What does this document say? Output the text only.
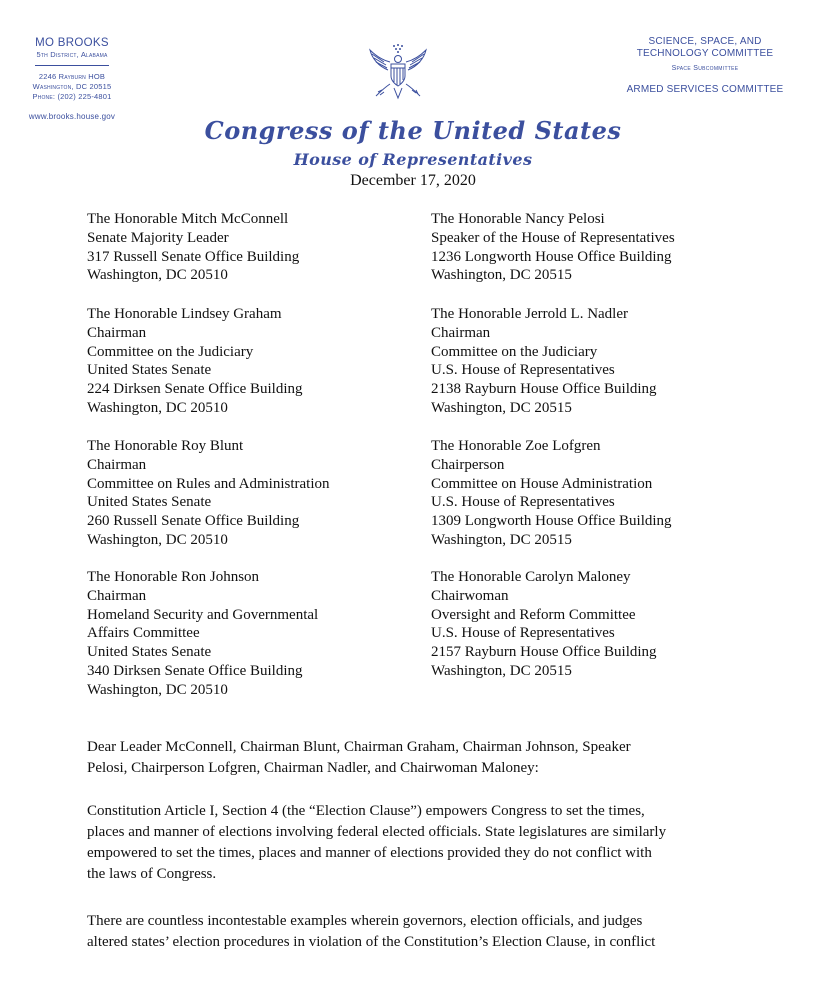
MO BROOKS
5th District, Alabama
2246 Rayburn HOB
Washington, DC 20515
Phone: (202) 225-4801
www.brooks.house.gov
SCIENCE, SPACE, AND
TECHNOLOGY COMMITTEE
Space Subcommittee
ARMED SERVICES COMMITTEE
Congress of the United States
House of Representatives
December 17, 2020
The Honorable Mitch McConnell
Senate Majority Leader
317 Russell Senate Office Building
Washington, DC 20510
The Honorable Lindsey Graham
Chairman
Committee on the Judiciary
United States Senate
224 Dirksen Senate Office Building
Washington, DC 20510
The Honorable Roy Blunt
Chairman
Committee on Rules and Administration
United States Senate
260 Russell Senate Office Building
Washington, DC 20510
The Honorable Ron Johnson
Chairman
Homeland Security and Governmental
Affairs Committee
United States Senate
340 Dirksen Senate Office Building
Washington, DC 20510
The Honorable Nancy Pelosi
Speaker of the House of Representatives
1236 Longworth House Office Building
Washington, DC 20515
The Honorable Jerrold L. Nadler
Chairman
Committee on the Judiciary
U.S. House of Representatives
2138 Rayburn House Office Building
Washington, DC 20515
The Honorable Zoe Lofgren
Chairperson
Committee on House Administration
U.S. House of Representatives
1309 Longworth House Office Building
Washington, DC 20515
The Honorable Carolyn Maloney
Chairwoman
Oversight and Reform Committee
U.S. House of Representatives
2157 Rayburn House Office Building
Washington, DC 20515
Dear Leader McConnell, Chairman Blunt, Chairman Graham, Chairman Johnson, Speaker
Pelosi, Chairperson Lofgren, Chairman Nadler, and Chairwoman Maloney:
Constitution Article I, Section 4 (the “Election Clause”) empowers Congress to set the times,
places and manner of elections involving federal elected officials. State legislatures are similarly
empowered to set the times, places and manner of elections provided they do not conflict with
the laws of Congress.
There are countless incontestable examples wherein governors, election officials, and judges
altered states’ election procedures in violation of the Constitution’s Election Clause, in conflict
